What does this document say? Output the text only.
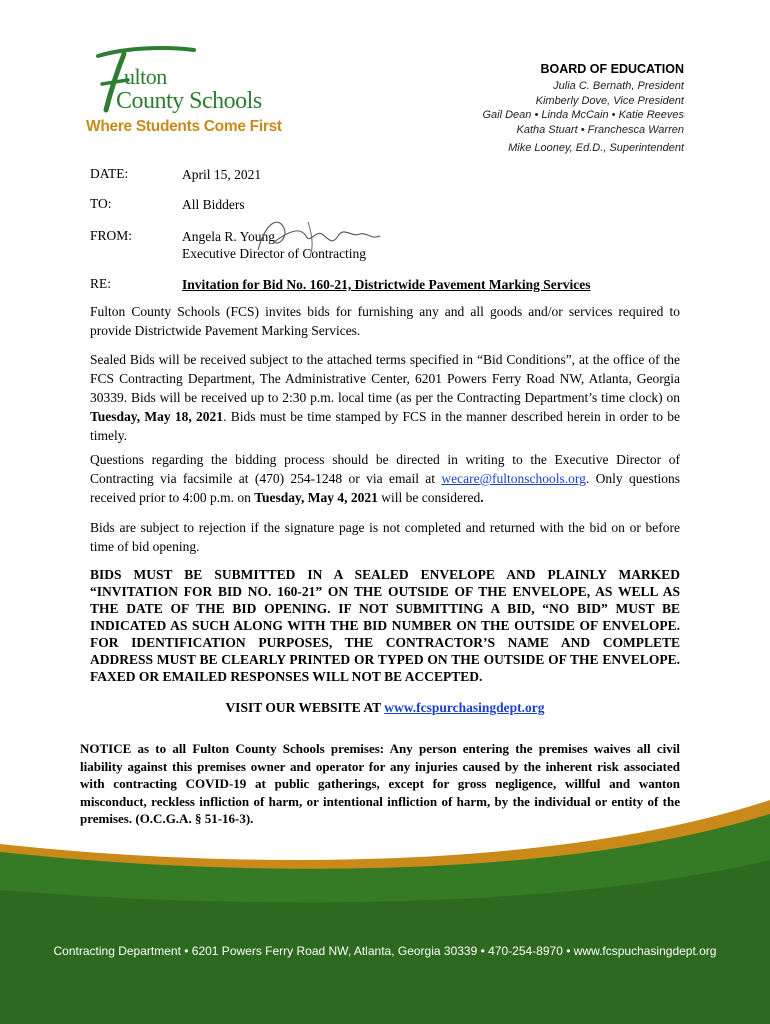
ulton
County Schools
Where Students Come First
BOARD OF EDUCATION
Julia C. Bernath, President
Kimberly Dove, Vice President
Gail Dean • Linda McCain • Katie Reeves
Katha Stuart • Franchesca Warren
Mike Looney, Ed.D., Superintendent
DATE:	April 15, 2021
TO:	All Bidders
FROM:	Angela R. Young
Executive Director of Contracting
RE:	Invitation for Bid No. 160-21, Districtwide Pavement Marking Services

Fulton County Schools (FCS) invites bids for furnishing any and all goods and/or services required to provide Districtwide Pavement Marking Services.

Sealed Bids will be received subject to the attached terms specified in “Bid Conditions”, at the office of the FCS Contracting Department, The Administrative Center, 6201 Powers Ferry Road NW, Atlanta, Georgia 30339. Bids will be received up to 2:30 p.m. local time (as per the Contracting Department’s time clock) on Tuesday, May 18, 2021. Bids must be time stamped by FCS in the manner described herein in order to be timely.

Questions regarding the bidding process should be directed in writing to the Executive Director of Contracting via facsimile at (470) 254-1248 or via email at wecare@fultonschools.org. Only questions received prior to 4:00 p.m. on Tuesday, May 4, 2021 will be considered.

Bids are subject to rejection if the signature page is not completed and returned with the bid on or before time of bid opening.

BIDS MUST BE SUBMITTED IN A SEALED ENVELOPE AND PLAINLY MARKED “INVITATION FOR BID NO. 160-21” ON THE OUTSIDE OF THE ENVELOPE, AS WELL AS THE DATE OF THE BID OPENING. IF NOT SUBMITTING A BID, “NO BID” MUST BE INDICATED AS SUCH ALONG WITH THE BID NUMBER ON THE OUTSIDE OF ENVELOPE. FOR IDENTIFICATION PURPOSES, THE CONTRACTOR’S NAME AND COMPLETE ADDRESS MUST BE CLEARLY PRINTED OR TYPED ON THE OUTSIDE OF THE ENVELOPE. FAXED OR EMAILED RESPONSES WILL NOT BE ACCEPTED.

VISIT OUR WEBSITE AT www.fcspurchasingdept.org

NOTICE as to all Fulton County Schools premises: Any person entering the premises waives all civil liability against this premises owner and operator for any injuries caused by the inherent risk associated with contracting COVID-19 at public gatherings, except for gross negligence, willful and wanton misconduct, reckless infliction of harm, or intentional infliction of harm, by the individual or entity of the premises. (O.C.G.A. § 51-16-3).

Contracting Department • 6201 Powers Ferry Road NW, Atlanta, Georgia 30339 • 470-254-8970 • www.fcspuchasingdept.org
